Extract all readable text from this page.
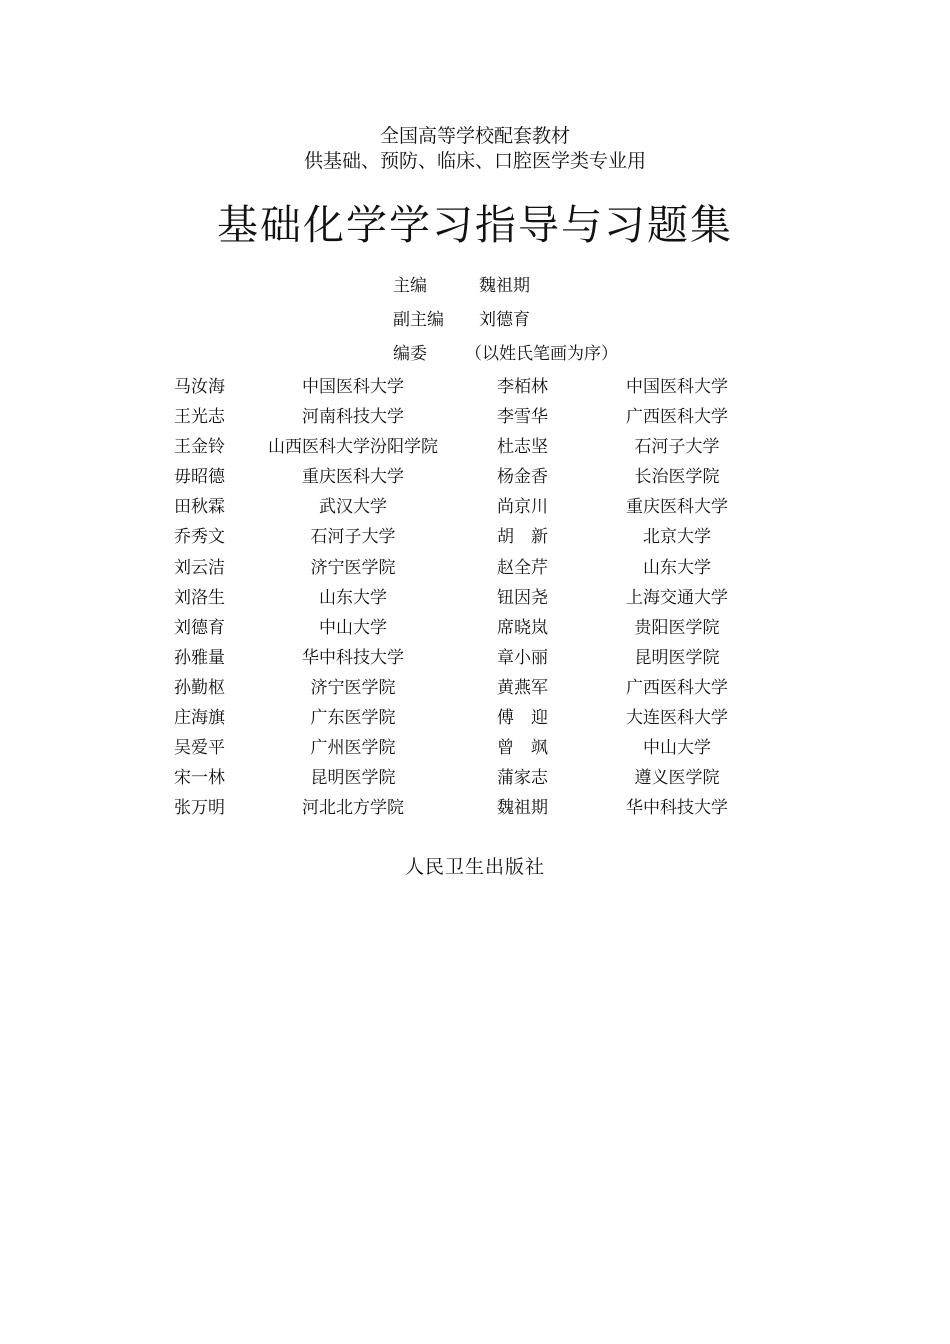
全国高等学校配套教材
供基础、预防、临床、口腔医学类专业用
基础化学学习指导与习题集
主编	魏祖期
副主编 刘德育
编委 （以姓氏笔画为序）
马汝海	中国医科大学	李栢林	中国医科大学
王光志	河南科技大学	李雪华	广西医科大学
王金铃	山西医科大学汾阳学院	杜志坚	石河子大学
毋昭德	重庆医科大学	杨金香	长治医学院
田秋霖	武汉大学	尚京川	重庆医科大学
乔秀文	石河子大学	胡　新	北京大学
刘云洁	济宁医学院	赵全芹	山东大学
刘洛生	山东大学	钮因尧	上海交通大学
刘德育	中山大学	席晓岚	贵阳医学院
孙雅量	华中科技大学	章小丽	昆明医学院
孙勤枢	济宁医学院	黄燕军	广西医科大学
庄海旗	广东医学院	傅　迎	大连医科大学
吴爱平	广州医学院	曾　飒	中山大学
宋一林	昆明医学院	蒲家志	遵义医学院
张万明	河北北方学院	魏祖期	华中科技大学
人民卫生出版社
